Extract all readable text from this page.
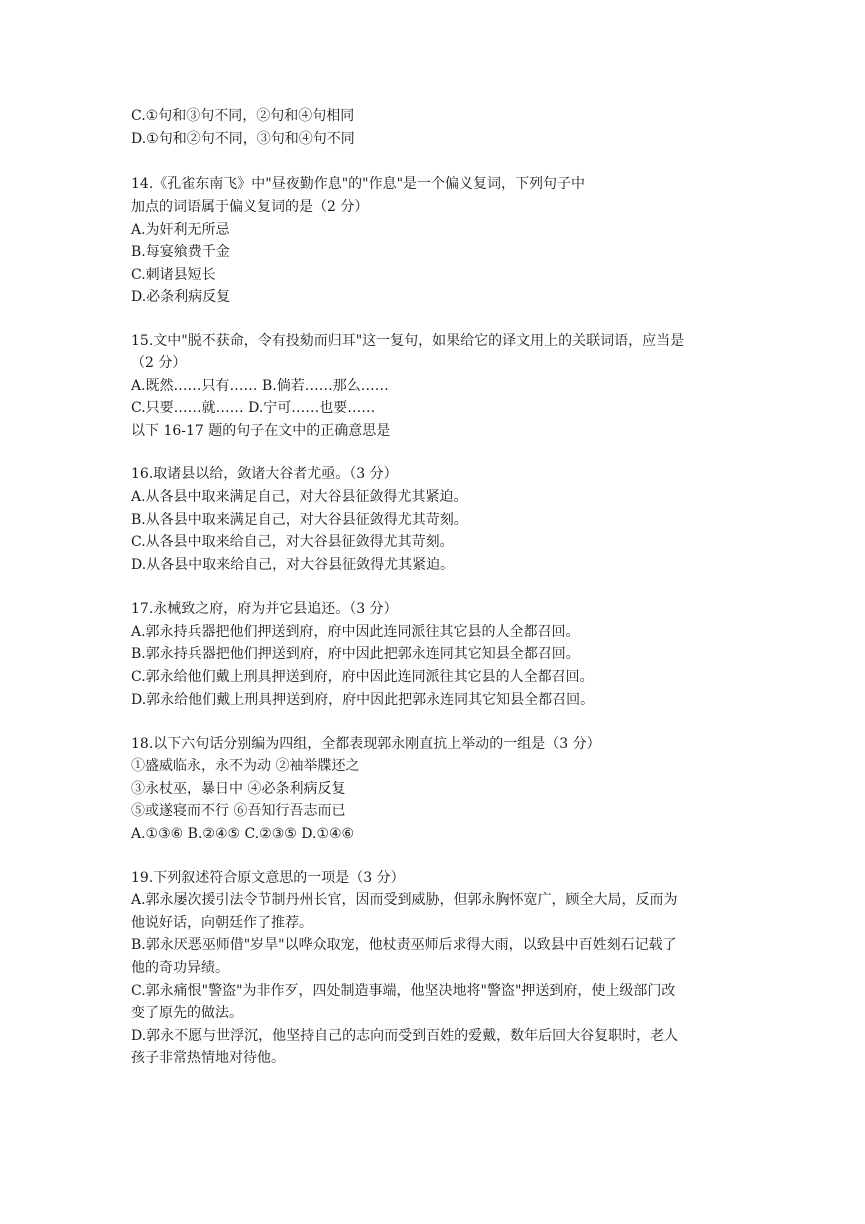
C.①句和③句不同，②句和④句相同
D.①句和②句不同，③句和④句不同
14.《孔雀东南飞》中"昼夜勤作息"的"作息"是一个偏义复词，下列句子中
加点的词语属于偏义复词的是（2 分）
A.为奸利无所忌
B.每宴飨费千金
C.刺诸县短长
D.必条利病反复
15.文中"脱不获命，令有投劾而归耳"这一复句，如果给它的译文用上的关联词语，应当是
（2 分）
A.既然……只有…… B.倘若……那么……
C.只要……就…… D.宁可……也要……
以下 16-17 题的句子在文中的正确意思是
16.取诸县以给，敛诸大谷者尤亟。（3 分）
A.从各县中取来满足自己，对大谷县征敛得尤其紧迫。
B.从各县中取来满足自己，对大谷县征敛得尤其苛刻。
C.从各县中取来给自己，对大谷县征敛得尤其苛刻。
D.从各县中取来给自己，对大谷县征敛得尤其紧迫。
17.永械致之府，府为并它县追还。（3 分）
A.郭永持兵器把他们押送到府，府中因此连同派往其它县的人全都召回。
B.郭永持兵器把他们押送到府，府中因此把郭永连同其它知县全都召回。
C.郭永给他们戴上刑具押送到府，府中因此连同派往其它县的人全都召回。
D.郭永给他们戴上刑具押送到府，府中因此把郭永连同其它知县全都召回。
18.以下六句话分别编为四组，全都表现郭永刚直抗上举动的一组是（3 分）
①盛威临永，永不为动 ②袖举牒还之
③永杖巫，暴日中 ④必条利病反复
⑤或遂寝而不行 ⑥吾知行吾志而已
A.①③⑥ B.②④⑤ C.②③⑤ D.①④⑥
19.下列叙述符合原文意思的一项是（3 分）
A.郭永屡次援引法令节制丹州长官，因而受到威胁，但郭永胸怀宽广，顾全大局，反而为
他说好话，向朝廷作了推荐。
B.郭永厌恶巫师借"岁旱"以哗众取宠，他杖责巫师后求得大雨，以致县中百姓刻石记载了
他的奇功异绩。
C.郭永痛恨"警盗"为非作歹，四处制造事端，他坚决地将"警盗"押送到府，使上级部门改
变了原先的做法。
D.郭永不愿与世浮沉，他坚持自己的志向而受到百姓的爱戴，数年后回大谷复职时，老人
孩子非常热情地对待他。
